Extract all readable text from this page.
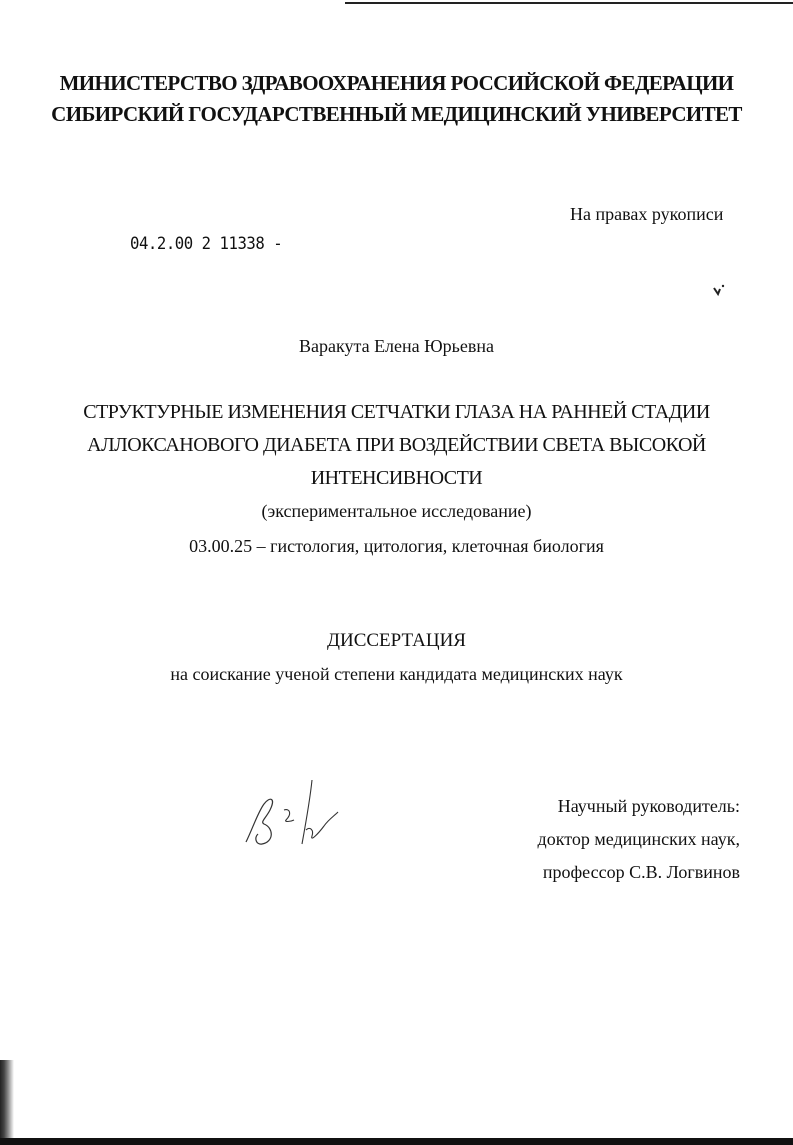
МИНИСТЕРСТВО ЗДРАВООХРАНЕНИЯ РОССИЙСКОЙ ФЕДЕРАЦИИ
СИБИРСКИЙ ГОСУДАРСТВЕННЫЙ МЕДИЦИНСКИЙ УНИВЕРСИТЕТ
На правах рукописи
04.2.00 2 11338 -
Варакута Елена Юрьевна
СТРУКТУРНЫЕ ИЗМЕНЕНИЯ СЕТЧАТКИ ГЛАЗА НА РАННЕЙ СТАДИИ
АЛЛОКСАНОВОГО ДИАБЕТА ПРИ ВОЗДЕЙСТВИИ СВЕТА ВЫСОКОЙ
ИНТЕНСИВНОСТИ
(экспериментальное исследование)
03.00.25 – гистология, цитология, клеточная биология
ДИССЕРТАЦИЯ
на соискание ученой степени кандидата медицинских наук
Научный руководитель:
доктор медицинских наук,
профессор С.В. Логвинов
